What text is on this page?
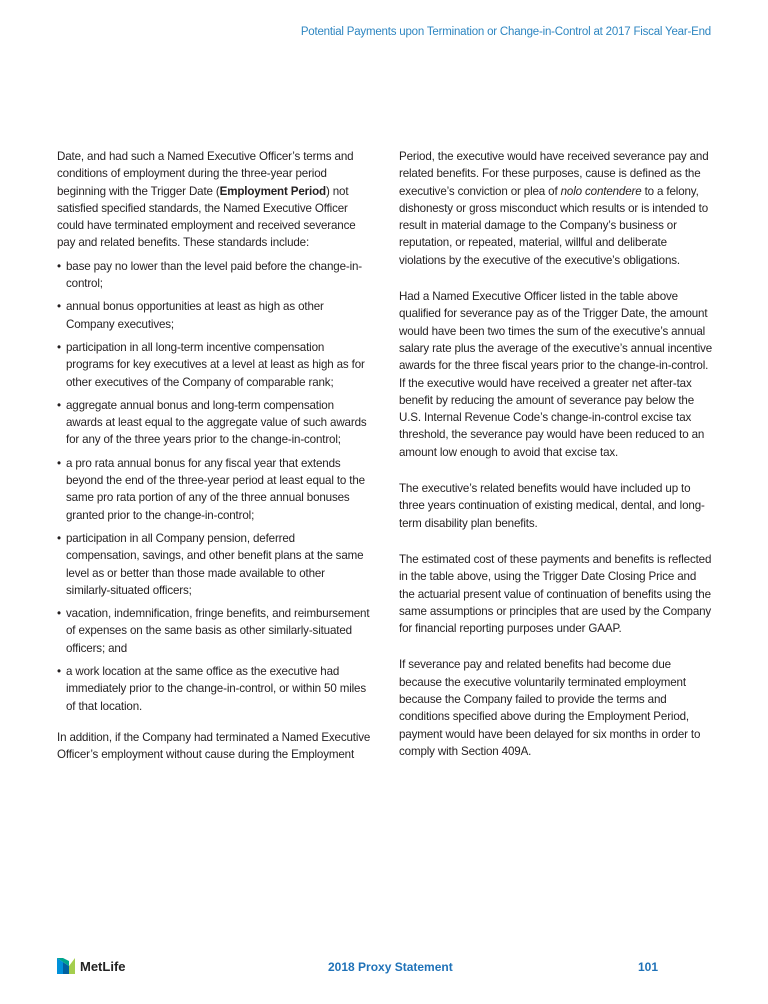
Potential Payments upon Termination or Change-in-Control at 2017 Fiscal Year-End

Date, and had such a Named Executive Officer’s terms and conditions of employment during the three-year period beginning with the Trigger Date (Employment Period) not satisfied specified standards, the Named Executive Officer could have terminated employment and received severance pay and related benefits. These standards include:

• base pay no lower than the level paid before the change-in-control;
• annual bonus opportunities at least as high as other Company executives;
• participation in all long-term incentive compensation programs for key executives at a level at least as high as for other executives of the Company of comparable rank;
• aggregate annual bonus and long-term compensation awards at least equal to the aggregate value of such awards for any of the three years prior to the change-in-control;
• a pro rata annual bonus for any fiscal year that extends beyond the end of the three-year period at least equal to the same pro rata portion of any of the three annual bonuses granted prior to the change-in-control;
• participation in all Company pension, deferred compensation, savings, and other benefit plans at the same level as or better than those made available to other similarly-situated officers;
• vacation, indemnification, fringe benefits, and reimbursement of expenses on the same basis as other similarly-situated officers; and
• a work location at the same office as the executive had immediately prior to the change-in-control, or within 50 miles of that location.

In addition, if the Company had terminated a Named Executive Officer’s employment without cause during the Employment

Period, the executive would have received severance pay and related benefits. For these purposes, cause is defined as the executive’s conviction or plea of nolo contendere to a felony, dishonesty or gross misconduct which results or is intended to result in material damage to the Company’s business or reputation, or repeated, material, willful and deliberate violations by the executive of the executive’s obligations.

Had a Named Executive Officer listed in the table above qualified for severance pay as of the Trigger Date, the amount would have been two times the sum of the executive’s annual salary rate plus the average of the executive’s annual incentive awards for the three fiscal years prior to the change-in-control. If the executive would have received a greater net after-tax benefit by reducing the amount of severance pay below the U.S. Internal Revenue Code’s change-in-control excise tax threshold, the severance pay would have been reduced to an amount low enough to avoid that excise tax.

The executive’s related benefits would have included up to three years continuation of existing medical, dental, and long-term disability plan benefits.

The estimated cost of these payments and benefits is reflected in the table above, using the Trigger Date Closing Price and the actuarial present value of continuation of benefits using the same assumptions or principles that are used by the Company for financial reporting purposes under GAAP.

If severance pay and related benefits had become due because the executive voluntarily terminated employment because the Company failed to provide the terms and conditions specified above during the Employment Period, payment would have been delayed for six months in order to comply with Section 409A.

MetLife	2018 Proxy Statement	101
